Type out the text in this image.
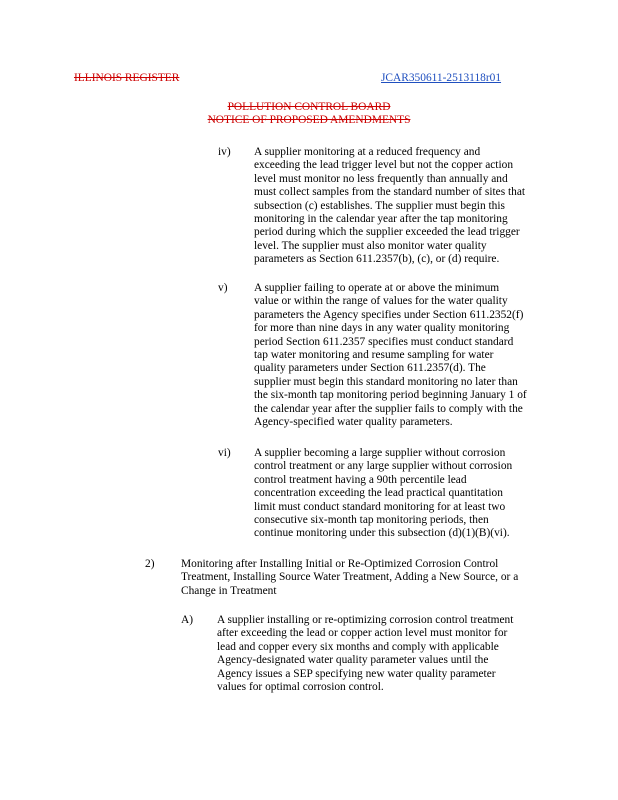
ILLINOIS REGISTER	JCAR350611-2513118r01
POLLUTION CONTROL BOARD
NOTICE OF PROPOSED AMENDMENTS
iv) A supplier monitoring at a reduced frequency and

exceeding the lead trigger level but not the copper action

level must monitor no less frequently than annually and

must collect samples from the standard number of sites that

subsection (c) establishes. The supplier must begin this

monitoring in the calendar year after the tap monitoring

period during which the supplier exceeded the lead trigger

level. The supplier must also monitor water quality

parameters as Section 611.2357(b), (c), or (d) require.

v) A supplier failing to operate at or above the minimum

value or within the range of values for the water quality

parameters the Agency specifies under Section 611.2352(f)

for more than nine days in any water quality monitoring

period Section 611.2357 specifies must conduct standard

tap water monitoring and resume sampling for water

quality parameters under Section 611.2357(d). The

supplier must begin this standard monitoring no later than

the six-month tap monitoring period beginning January 1 of

the calendar year after the supplier fails to comply with the

Agency-specified water quality parameters.

vi) A supplier becoming a large supplier without corrosion

control treatment or any large supplier without corrosion

control treatment having a 90th percentile lead

concentration exceeding the lead practical quantitation

limit must conduct standard monitoring for at least two

consecutive six-month tap monitoring periods, then

continue monitoring under this subsection (d)(1)(B)(vi).

2) Monitoring after Installing Initial or Re-Optimized Corrosion Control

Treatment, Installing Source Water Treatment, Adding a New Source, or a

Change in Treatment

A) A supplier installing or re-optimizing corrosion control treatment

after exceeding the lead or copper action level must monitor for

lead and copper every six months and comply with applicable

Agency-designated water quality parameter values until the

Agency issues a SEP specifying new water quality parameter

values for optimal corrosion control.
